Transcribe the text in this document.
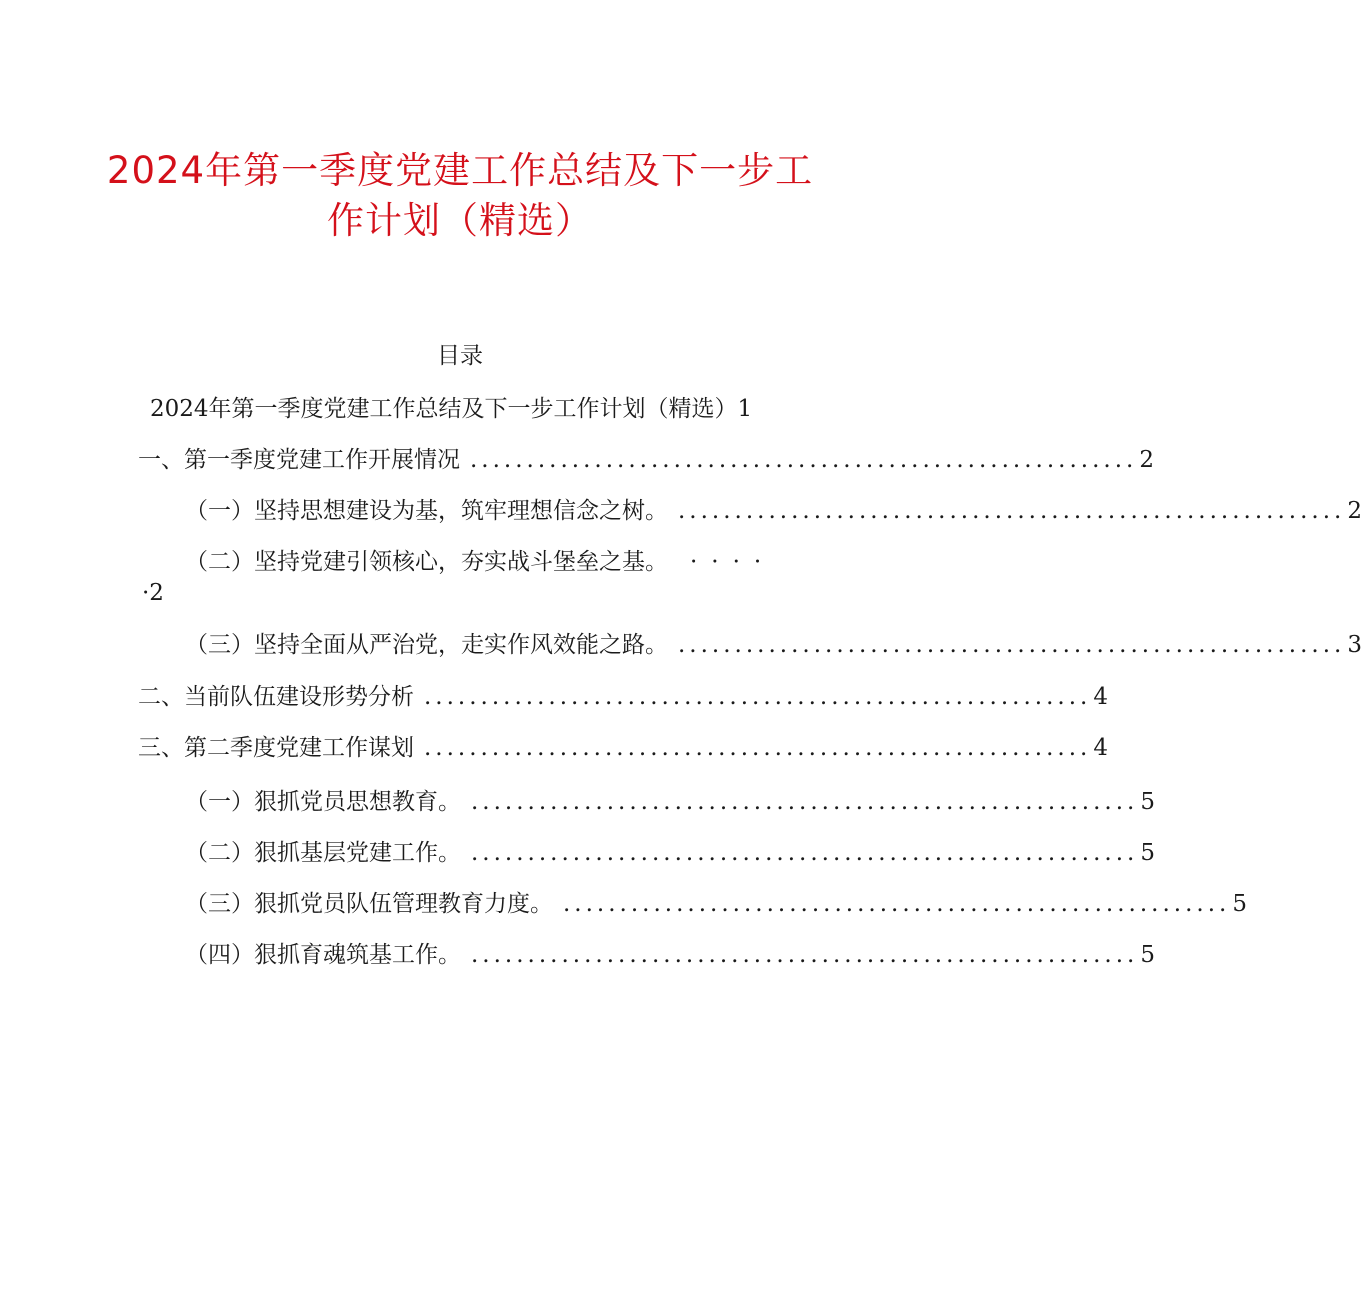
2024年第一季度党建工作总结及下一步工
作计划（精选）
目录
2024年第一季度党建工作总结及下一步工作计划（精选） 1
一、第一季度党建工作开展情况 ........................................................... 2
（一）坚持思想建设为基，筑牢理想信念之树。 ........................................................... 2
（二）坚持党建引领核心，夯实战斗堡垒之基。 ····
·2
（三）坚持全面从严治党，走实作风效能之路。 ........................................................... 3
二、当前队伍建设形势分析 ........................................................... 4
三、第二季度党建工作谋划 ........................................................... 4
（一）狠抓党员思想教育。 ........................................................... 5
（二）狠抓基层党建工作。 ........................................................... 5
（三）狠抓党员队伍管理教育力度。 ........................................................... 5
（四）狠抓育魂筑基工作。 ........................................................... 5
